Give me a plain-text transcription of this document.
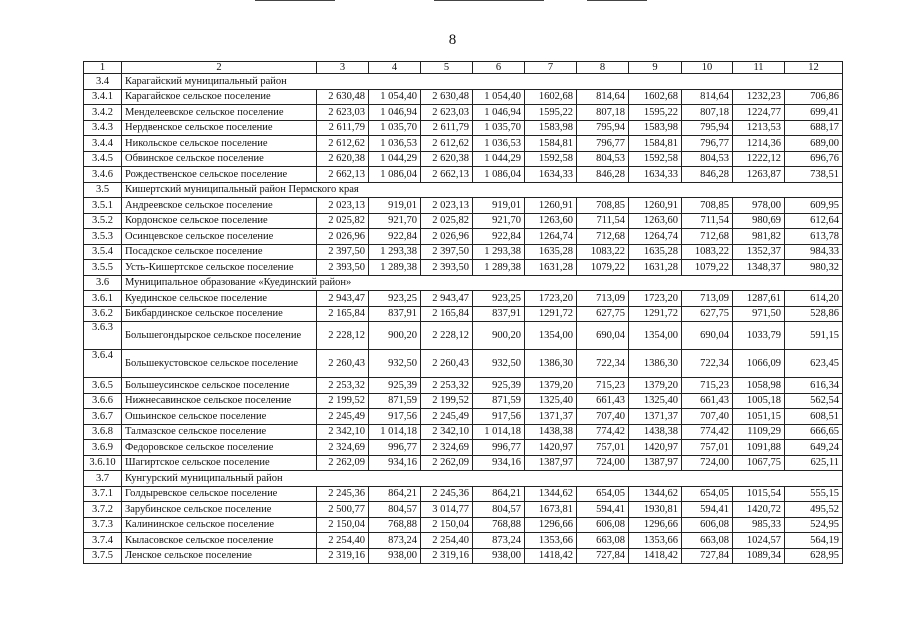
8
1	2	3	4	5	6	7	8	9	10	11	12
3.4	Карагайский муниципальный район										
3.4.1	Карагайское сельское поселение	2 630,48	1 054,40	2 630,48	1 054,40	1602,68	814,64	1602,68	814,64	1232,23	706,86
3.4.2	Менделеевское сельское поселение	2 623,03	1 046,94	2 623,03	1 046,94	1595,22	807,18	1595,22	807,18	1224,77	699,41
3.4.3	Нердвенское сельское поселение	2 611,79	1 035,70	2 611,79	1 035,70	1583,98	795,94	1583,98	795,94	1213,53	688,17
3.4.4	Никольское сельское поселение	2 612,62	1 036,53	2 612,62	1 036,53	1584,81	796,77	1584,81	796,77	1214,36	689,00
3.4.5	Обвинское сельское поселение	2 620,38	1 044,29	2 620,38	1 044,29	1592,58	804,53	1592,58	804,53	1222,12	696,76
3.4.6	Рождественское сельское поселение	2 662,13	1 086,04	2 662,13	1 086,04	1634,33	846,28	1634,33	846,28	1263,87	738,51
3.5	Кишертский муниципальный район Пермского края										
3.5.1	Андреевское сельское поселение	2 023,13	919,01	2 023,13	919,01	1260,91	708,85	1260,91	708,85	978,00	609,95
3.5.2	Кордонское сельское поселение	2 025,82	921,70	2 025,82	921,70	1263,60	711,54	1263,60	711,54	980,69	612,64
3.5.3	Осинцевское сельское поселение	2 026,96	922,84	2 026,96	922,84	1264,74	712,68	1264,74	712,68	981,82	613,78
3.5.4	Посадское сельское поселение	2 397,50	1 293,38	2 397,50	1 293,38	1635,28	1083,22	1635,28	1083,22	1352,37	984,33
3.5.5	Усть-Кишертское сельское поселение	2 393,50	1 289,38	2 393,50	1 289,38	1631,28	1079,22	1631,28	1079,22	1348,37	980,32
3.6	Муниципальное образование «Куединский район»										
3.6.1	Куединское сельское поселение	2 943,47	923,25	2 943,47	923,25	1723,20	713,09	1723,20	713,09	1287,61	614,20
3.6.2	Бикбардинское сельское поселение	2 165,84	837,91	2 165,84	837,91	1291,72	627,75	1291,72	627,75	971,50	528,86
3.6.3	Большегондырское сельское поселение	2 228,12	900,20	2 228,12	900,20	1354,00	690,04	1354,00	690,04	1033,79	591,15
3.6.4	Большекустовское сельское поселение	2 260,43	932,50	2 260,43	932,50	1386,30	722,34	1386,30	722,34	1066,09	623,45
3.6.5	Большеусинское сельское поселение	2 253,32	925,39	2 253,32	925,39	1379,20	715,23	1379,20	715,23	1058,98	616,34
3.6.6	Нижнесавинское сельское поселение	2 199,52	871,59	2 199,52	871,59	1325,40	661,43	1325,40	661,43	1005,18	562,54
3.6.7	Ошьинское сельское поселение	2 245,49	917,56	2 245,49	917,56	1371,37	707,40	1371,37	707,40	1051,15	608,51
3.6.8	Талмазское сельское поселение	2 342,10	1 014,18	2 342,10	1 014,18	1438,38	774,42	1438,38	774,42	1109,29	666,65
3.6.9	Федоровское сельское поселение	2 324,69	996,77	2 324,69	996,77	1420,97	757,01	1420,97	757,01	1091,88	649,24
3.6.10	Шагиртское сельское поселение	2 262,09	934,16	2 262,09	934,16	1387,97	724,00	1387,97	724,00	1067,75	625,11
3.7	Кунгурский муниципальный район										
3.7.1	Голдыревское сельское поселение	2 245,36	864,21	2 245,36	864,21	1344,62	654,05	1344,62	654,05	1015,54	555,15
3.7.2	Зарубинское сельское поселение	2 500,77	804,57	3 014,77	804,57	1673,81	594,41	1930,81	594,41	1420,72	495,52
3.7.3	Калининское сельское поселение	2 150,04	768,88	2 150,04	768,88	1296,66	606,08	1296,66	606,08	985,33	524,95
3.7.4	Кыласовское сельское поселение	2 254,40	873,24	2 254,40	873,24	1353,66	663,08	1353,66	663,08	1024,57	564,19
3.7.5	Ленское сельское поселение	2 319,16	938,00	2 319,16	938,00	1418,42	727,84	1418,42	727,84	1089,34	628,95
